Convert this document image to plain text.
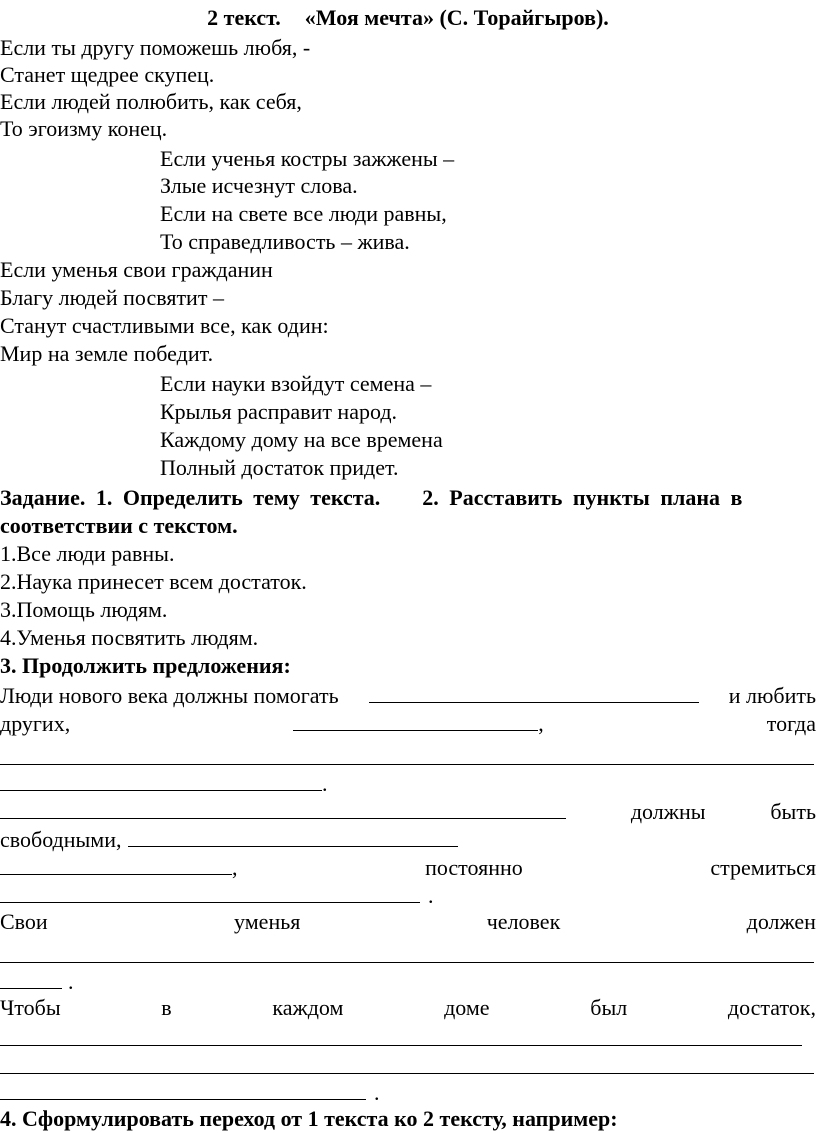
2 текст. «Моя мечта» (С. Торайгыров).

Если ты другу поможешь любя, -

Станет щедрее скупец.

Если людей полюбить, как себя,

То эгоизму конец.

Если ученья костры зажжены –

Злые исчезнут слова.

Если на свете все люди равны,

То справедливость – жива.

Если уменья свои гражданин

Благу людей посвятит –

Станут счастливыми все, как один:

Мир на земле победит.

Если науки взойдут семена –

Крылья расправит народ.

Каждому дому на все времена

Полный достаток придет.

Задание. 1. Определить тему текста.    2. Расставить пункты плана в

соответствии с текстом.

1.Все люди равны.

2.Наука принесет всем достаток.

3.Помощь людям.

4.Уменья посвятить людям.

3. Продолжить предложения:

Люди нового века должны помогать	и любить
других,	,	тогда
.
должны	быть
свободными,
,	постоянно	стремиться
.
Свои	уменья	человек	должен
.
Чтобы	в	каждом	доме	был	достаток,
.

4. Сформулировать переход от 1 текста ко 2 тексту, например:
